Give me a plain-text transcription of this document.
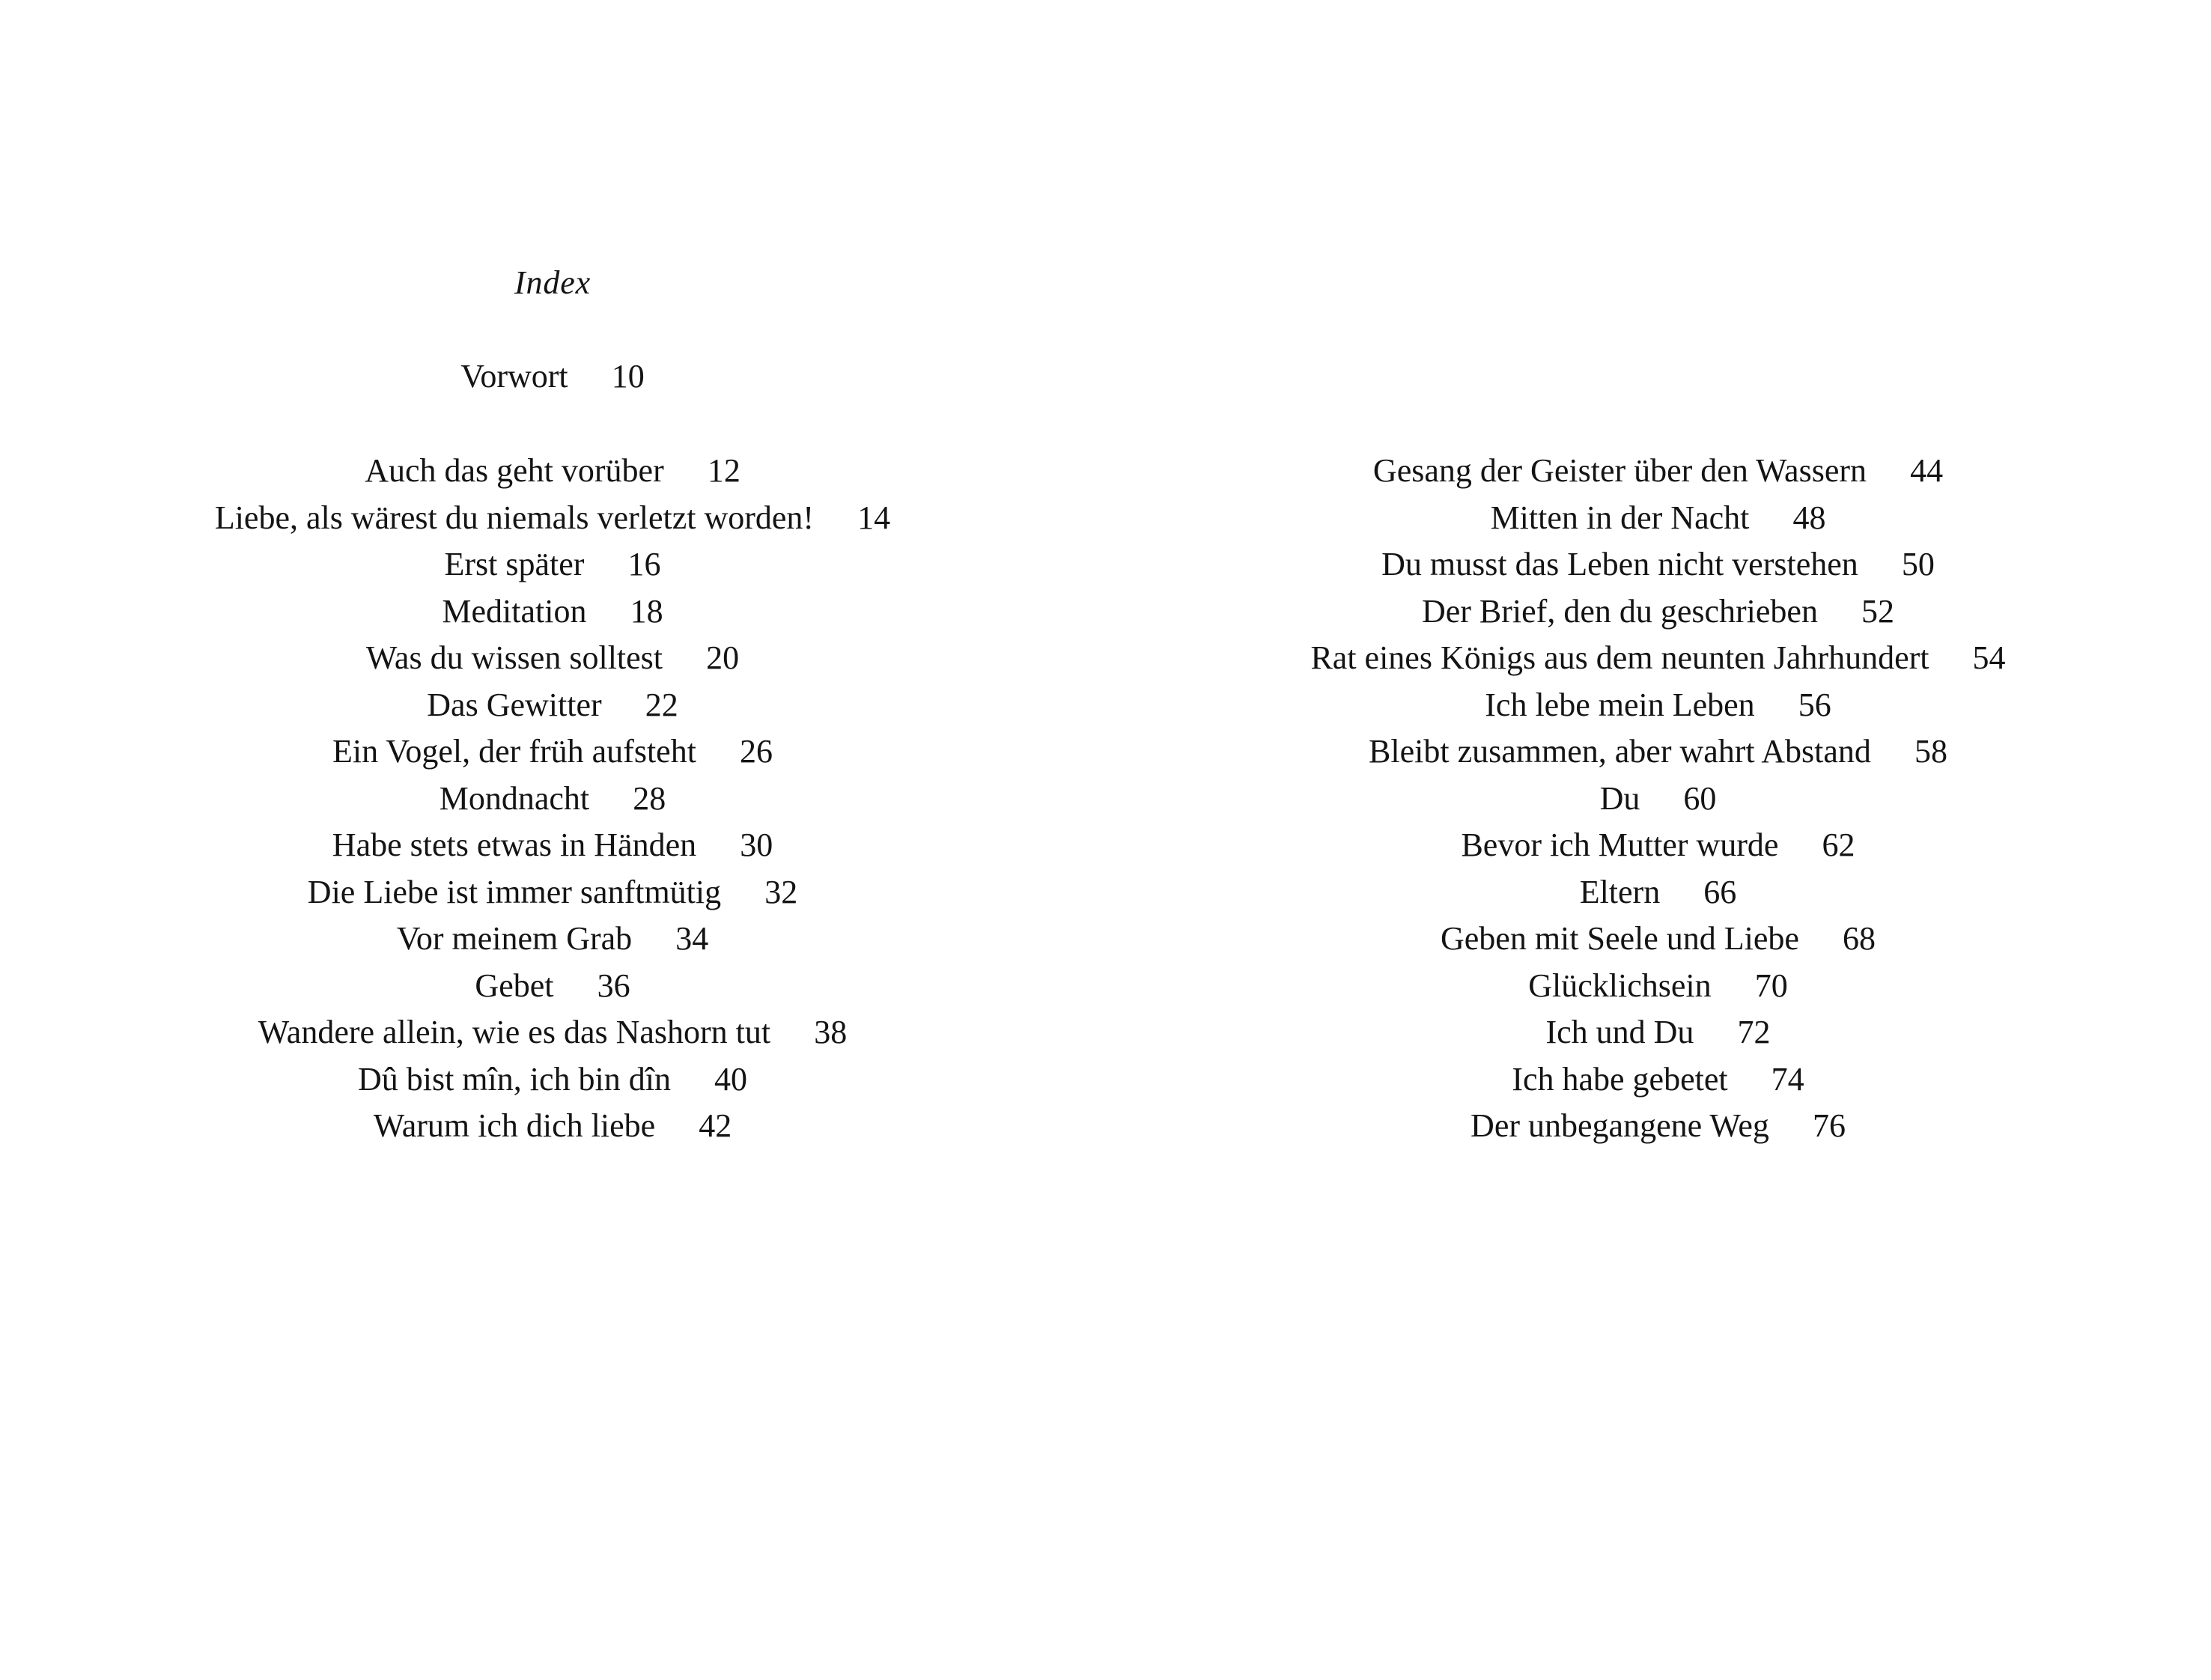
Index
Vorwort 10
Auch das geht vorüber 12
Liebe, als wärest du niemals verletzt worden! 14
Erst später 16
Meditation 18
Was du wissen solltest 20
Das Gewitter 22
Ein Vogel, der früh aufsteht 26
Mondnacht 28
Habe stets etwas in Händen 30
Die Liebe ist immer sanftmütig 32
Vor meinem Grab 34
Gebet 36
Wandere allein, wie es das Nashorn tut 38
Dû bist mîn, ich bin dîn 40
Warum ich dich liebe 42
Gesang der Geister über den Wassern 44
Mitten in der Nacht 48
Du musst das Leben nicht verstehen 50
Der Brief, den du geschrieben 52
Rat eines Königs aus dem neunten Jahrhundert 54
Ich lebe mein Leben 56
Bleibt zusammen, aber wahrt Abstand 58
Du 60
Bevor ich Mutter wurde 62
Eltern 66
Geben mit Seele und Liebe 68
Glücklichsein 70
Ich und Du 72
Ich habe gebetet 74
Der unbegangene Weg 76
